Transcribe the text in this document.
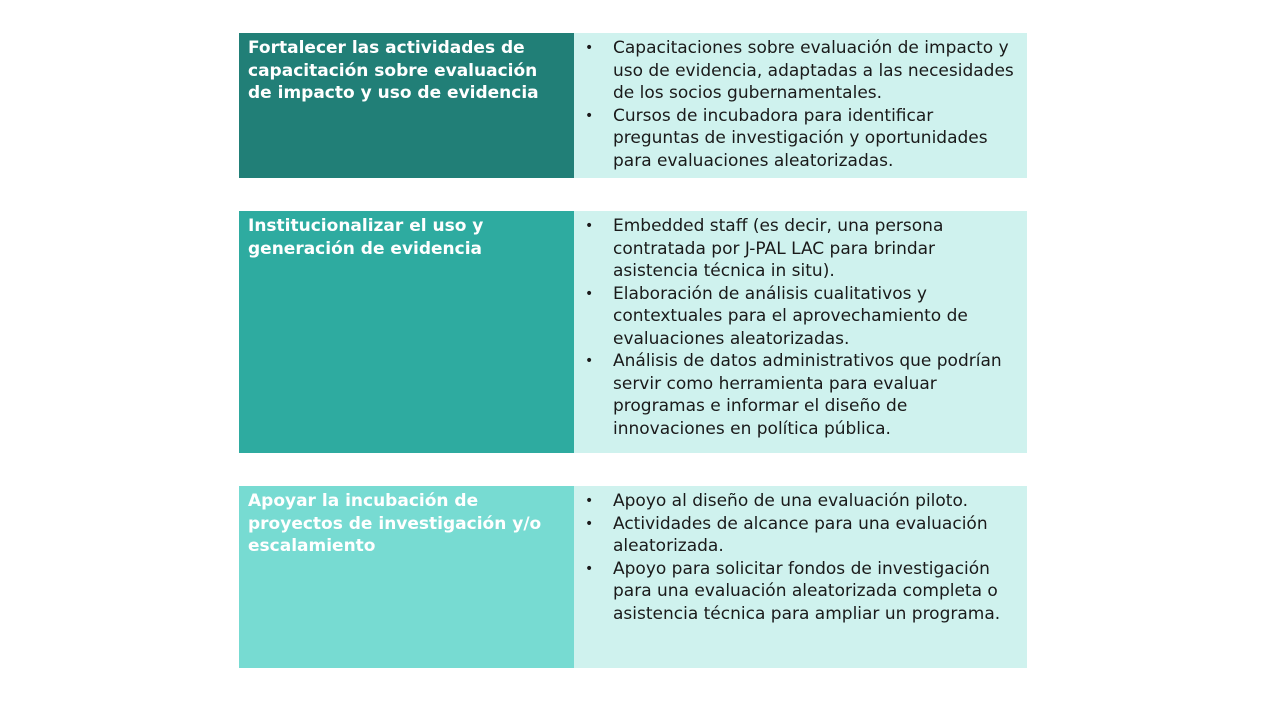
Fortalecer las actividades de capacitación sobre evaluación de impacto y uso de evidencia
•	Capacitaciones sobre evaluación de impacto y uso de evidencia, adaptadas a las necesidades de los socios gubernamentales.
•	Cursos de incubadora para identificar preguntas de investigación y oportunidades para evaluaciones aleatorizadas.
Institucionalizar el uso y generación de evidencia
•	Embedded staff (es decir, una persona contratada por J-PAL LAC para brindar asistencia técnica in situ).
•	Elaboración de análisis cualitativos y contextuales para el aprovechamiento de evaluaciones aleatorizadas.
•	Análisis de datos administrativos que podrían servir como herramienta para evaluar programas e informar el diseño de innovaciones en política pública.
Apoyar la incubación de proyectos de investigación y/o escalamiento
•	Apoyo al diseño de una evaluación piloto.
•	Actividades de alcance para una evaluación aleatorizada.
•	Apoyo para solicitar fondos de investigación para una evaluación aleatorizada completa o asistencia técnica para ampliar un programa.
